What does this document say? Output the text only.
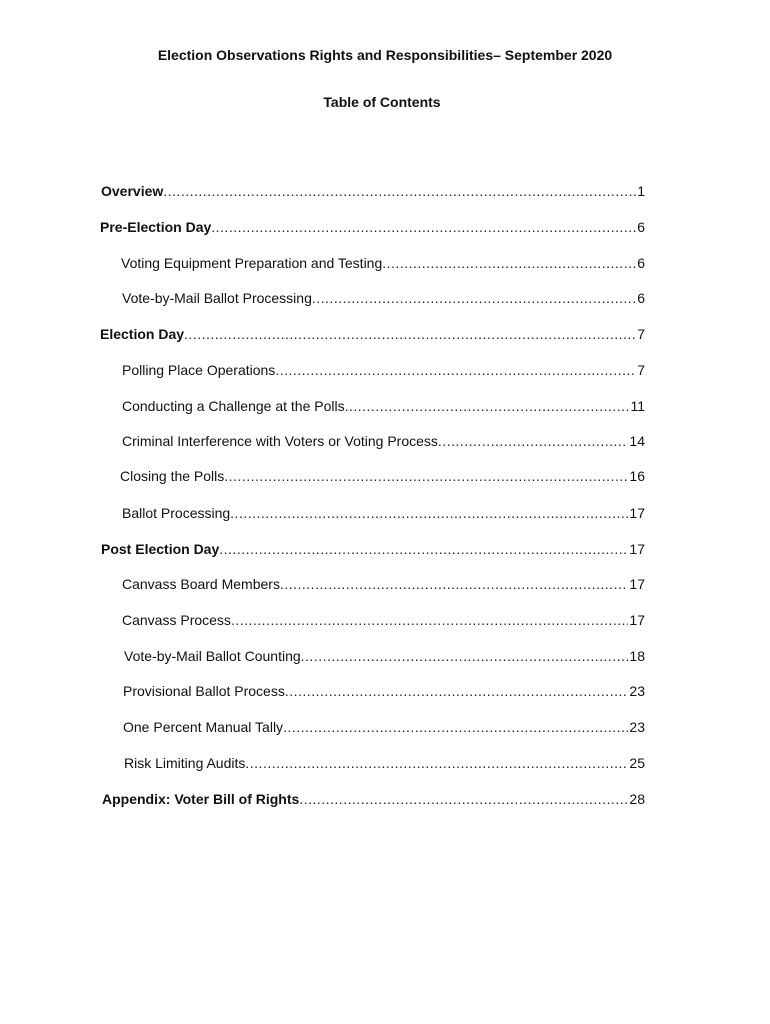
Election Observations Rights and Responsibilities– September 2020
Table of Contents
Overview .....	1
Pre-Election Day .....	6
Voting Equipment Preparation and Testing .....	6
Vote-by-Mail Ballot Processing .....	6
Election Day .....	7
Polling Place Operations .....	7
Conducting a Challenge at the Polls .....	11
Criminal Interference with Voters or Voting Process .....	14
Closing the Polls .....	16
Ballot Processing .....	17
Post Election Day .....	17
Canvass Board Members .....	17
Canvass Process .....	17
Vote-by-Mail Ballot Counting .....	18
Provisional Ballot Process .....	23
One Percent Manual Tally .....	23
Risk Limiting Audits .....	25
Appendix: Voter Bill of Rights .....	28
